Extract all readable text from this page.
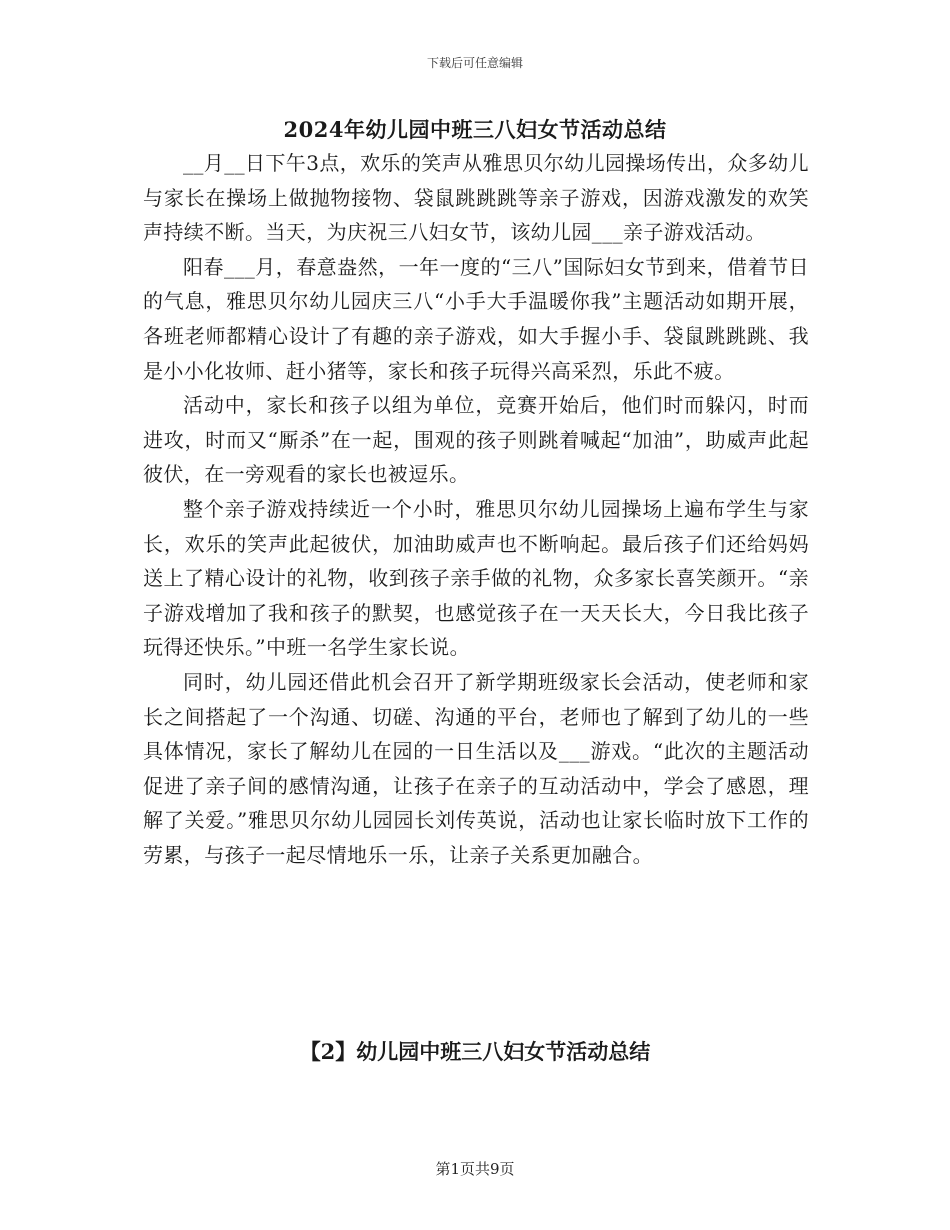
下载后可任意编辑
2024年幼儿园中班三八妇女节活动总结

__月__日下午3点，欢乐的笑声从雅思贝尔幼儿园操场传出，众多幼儿与家长在操场上做抛物接物、袋鼠跳跳跳等亲子游戏，因游戏激发的欢笑声持续不断。当天，为庆祝三八妇女节，该幼儿园___亲子游戏活动。

阳春___月，春意盎然，一年一度的“三八”国际妇女节到来，借着节日的气息，雅思贝尔幼儿园庆三八“小手大手温暖你我”主题活动如期开展，各班老师都精心设计了有趣的亲子游戏，如大手握小手、袋鼠跳跳跳、我是小小化妆师、赶小猪等，家长和孩子玩得兴高采烈，乐此不疲。

活动中，家长和孩子以组为单位，竞赛开始后，他们时而躲闪，时而进攻，时而又“厮杀”在一起，围观的孩子则跳着喊起“加油”，助威声此起彼伏，在一旁观看的家长也被逗乐。

整个亲子游戏持续近一个小时，雅思贝尔幼儿园操场上遍布学生与家长，欢乐的笑声此起彼伏，加油助威声也不断响起。最后孩子们还给妈妈送上了精心设计的礼物，收到孩子亲手做的礼物，众多家长喜笑颜开。“亲子游戏增加了我和孩子的默契，也感觉孩子在一天天长大，今日我比孩子玩得还快乐。”中班一名学生家长说。

同时，幼儿园还借此机会召开了新学期班级家长会活动，使老师和家长之间搭起了一个沟通、切磋、沟通的平台，老师也了解到了幼儿的一些具体情况，家长了解幼儿在园的一日生活以及___游戏。“此次的主题活动促进了亲子间的感情沟通，让孩子在亲子的互动活动中，学会了感恩，理解了关爱。”雅思贝尔幼儿园园长刘传英说，活动也让家长临时放下工作的劳累，与孩子一起尽情地乐一乐，让亲子关系更加融合。

【2】幼儿园中班三八妇女节活动总结
第1页共9页
